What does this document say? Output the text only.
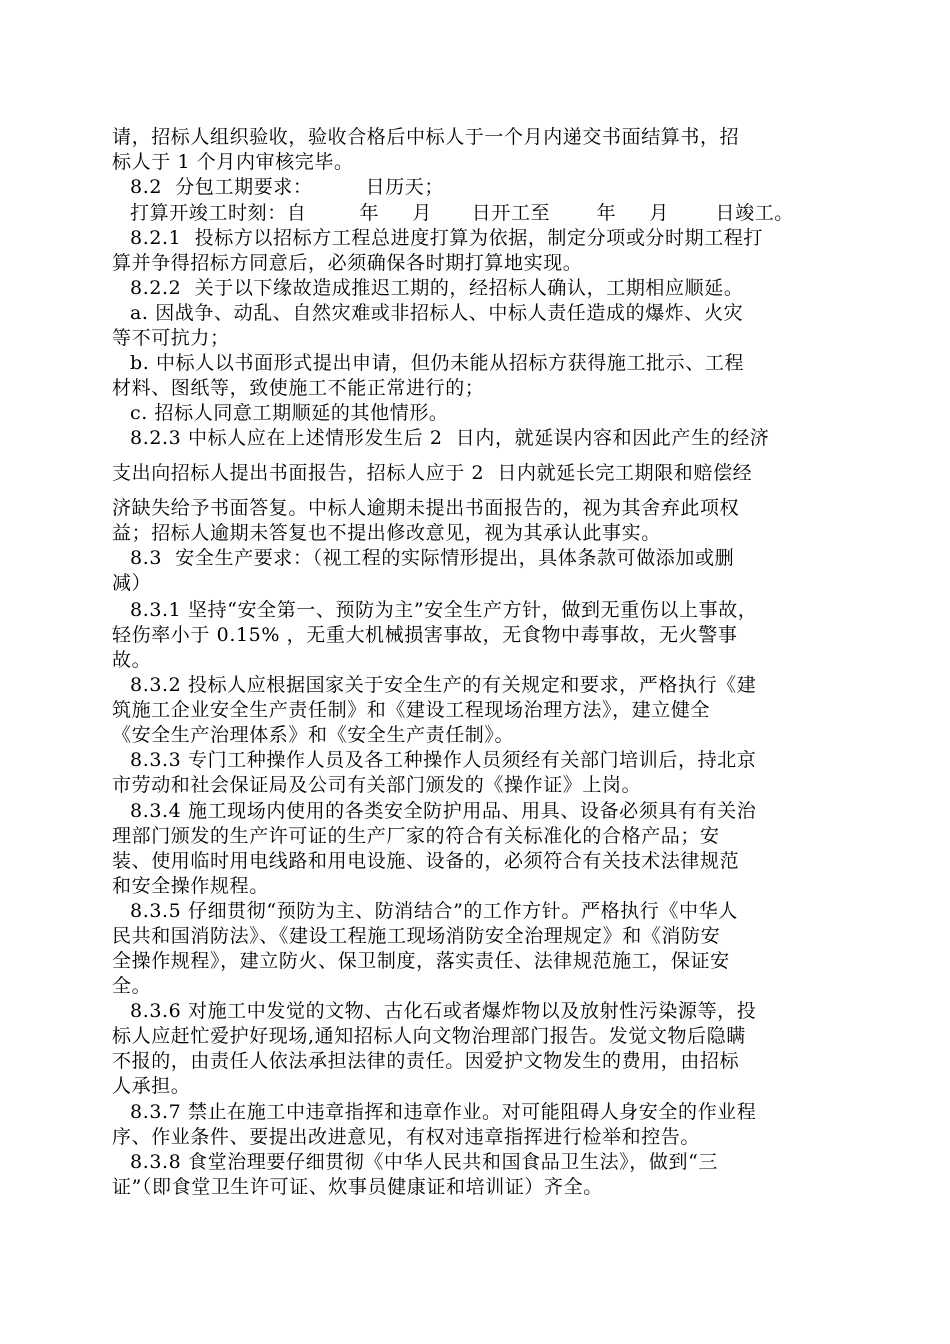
请，招标人组织验收，验收合格后中标人于一个月内递交书面结算书，招
标人于 1 个月内审核完毕。
8.2  分包工期要求：        日历天；
打算开竣工时刻：自        年     月      日开工至       年     月       日竣工。
8.2.1  投标方以招标方工程总进度打算为依据，制定分项或分时期工程打
算并争得招标方同意后，必须确保各时期打算地实现。
8.2.2  关于以下缘故造成推迟工期的，经招标人确认，工期相应顺延。
a. 因战争、动乱、自然灾难或非招标人、中标人责任造成的爆炸、火灾
等不可抗力；
b. 中标人以书面形式提出申请，但仍未能从招标方获得施工批示、工程
材料、图纸等，致使施工不能正常进行的；
c. 招标人同意工期顺延的其他情形。
8.2.3 中标人应在上述情形发生后 2  日内，就延误内容和因此产生的经济
支出向招标人提出书面报告，招标人应于 2  日内就延长完工期限和赔偿经
济缺失给予书面答复。中标人逾期未提出书面报告的，视为其舍弃此项权
益；招标人逾期未答复也不提出修改意见，视为其承认此事实。
8.3  安全生产要求：（视工程的实际情形提出，具体条款可做添加或删
减）
8.3.1 坚持“安全第一、预防为主”安全生产方针，做到无重伤以上事故，
轻伤率小于 0.15% ，无重大机械损害事故，无食物中毒事故，无火警事
故。
8.3.2 投标人应根据国家关于安全生产的有关规定和要求，严格执行《建
筑施工企业安全生产责任制》和《建设工程现场治理方法》，建立健全
《安全生产治理体系》和《安全生产责任制》。
8.3.3 专门工种操作人员及各工种操作人员须经有关部门培训后，持北京
市劳动和社会保证局及公司有关部门颁发的《操作证》上岗。
8.3.4 施工现场内使用的各类安全防护用品、用具、设备必须具有有关治
理部门颁发的生产许可证的生产厂家的符合有关标准化的合格产品；安
装、使用临时用电线路和用电设施、设备的，必须符合有关技术法律规范
和安全操作规程。
8.3.5 仔细贯彻“预防为主、防消结合”的工作方针。严格执行《中华人
民共和国消防法》、《建设工程施工现场消防安全治理规定》和《消防安
全操作规程》，建立防火、保卫制度，落实责任、法律规范施工，保证安
全。
8.3.6 对施工中发觉的文物、古化石或者爆炸物以及放射性污染源等，投
标人应赶忙爱护好现场,通知招标人向文物治理部门报告。发觉文物后隐瞒
不报的，由责任人依法承担法律的责任。因爱护文物发生的费用，由招标
人承担。
8.3.7 禁止在施工中违章指挥和违章作业。对可能阻碍人身安全的作业程
序、作业条件、要提出改进意见，有权对违章指挥进行检举和控告。
8.3.8 食堂治理要仔细贯彻《中华人民共和国食品卫生法》，做到“三
证”（即食堂卫生许可证、炊事员健康证和培训证）齐全。
